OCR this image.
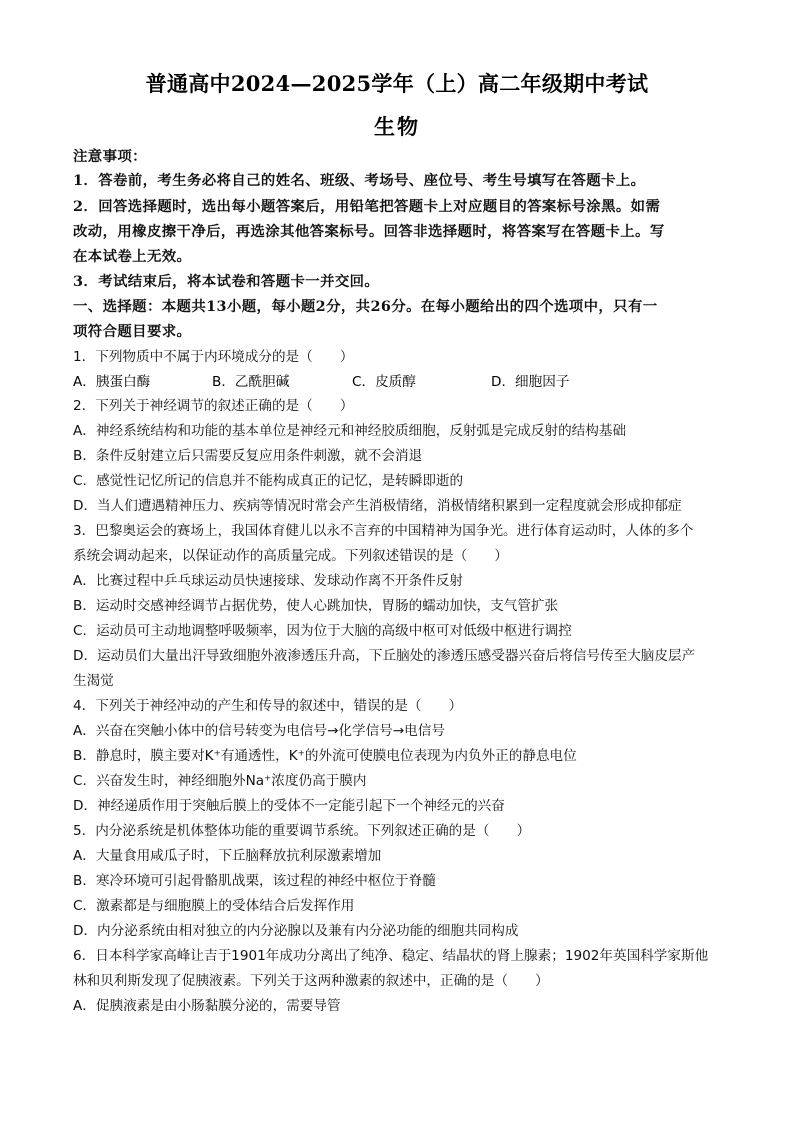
普通高中2024—2025学年（上）高二年级期中考试
生物
注意事项：
1．答卷前，考生务必将自己的姓名、班级、考场号、座位号、考生号填写在答题卡上。
2．回答选择题时，选出每小题答案后，用铅笔把答题卡上对应题目的答案标号涂黑。如需
改动，用橡皮擦干净后，再选涂其他答案标号。回答非选择题时，将答案写在答题卡上。写
在本试卷上无效。
3．考试结束后，将本试卷和答题卡一并交回。
一、选择题：本题共13小题，每小题2分，共26分。在每小题给出的四个选项中，只有一
项符合题目要求。
1．下列物质中不属于内环境成分的是（　　）
A．胰蛋白酶	B．乙酰胆碱	C．皮质醇	D．细胞因子
2．下列关于神经调节的叙述正确的是（　　）
A．神经系统结构和功能的基本单位是神经元和神经胶质细胞，反射弧是完成反射的结构基础
B．条件反射建立后只需要反复应用条件刺激，就不会消退
C．感觉性记忆所记的信息并不能构成真正的记忆，是转瞬即逝的
D．当人们遭遇精神压力、疾病等情况时常会产生消极情绪，消极情绪积累到一定程度就会形成抑郁症
3．巴黎奥运会的赛场上，我国体育健儿以永不言弃的中国精神为国争光。进行体育运动时，人体的多个
系统会调动起来，以保证动作的高质量完成。下列叙述错误的是（　　）
A．比赛过程中乒乓球运动员快速接球、发球动作离不开条件反射
B．运动时交感神经调节占据优势，使人心跳加快，胃肠的蠕动加快，支气管扩张
C．运动员可主动地调整呼吸频率，因为位于大脑的高级中枢可对低级中枢进行调控
D．运动员们大量出汗导致细胞外液渗透压升高，下丘脑处的渗透压感受器兴奋后将信号传至大脑皮层产
生渴觉
4．下列关于神经冲动的产生和传导的叙述中，错误的是（　　）
A．兴奋在突触小体中的信号转变为电信号→化学信号→电信号
B．静息时，膜主要对K⁺有通透性，K⁺的外流可使膜电位表现为内负外正的静息电位
C．兴奋发生时，神经细胞外Na⁺浓度仍高于膜内
D．神经递质作用于突触后膜上的受体不一定能引起下一个神经元的兴奋
5．内分泌系统是机体整体功能的重要调节系统。下列叙述正确的是（　　）
A．大量食用咸瓜子时，下丘脑释放抗利尿激素增加
B．寒冷环境可引起骨骼肌战栗，该过程的神经中枢位于脊髓
C．激素都是与细胞膜上的受体结合后发挥作用
D．内分泌系统由相对独立的内分泌腺以及兼有内分泌功能的细胞共同构成
6．日本科学家高峰让吉于1901年成功分离出了纯净、稳定、结晶状的肾上腺素；1902年英国科学家斯他
林和贝利斯发现了促胰液素。下列关于这两种激素的叙述中，正确的是（　　）
A．促胰液素是由小肠黏膜分泌的，需要导管
